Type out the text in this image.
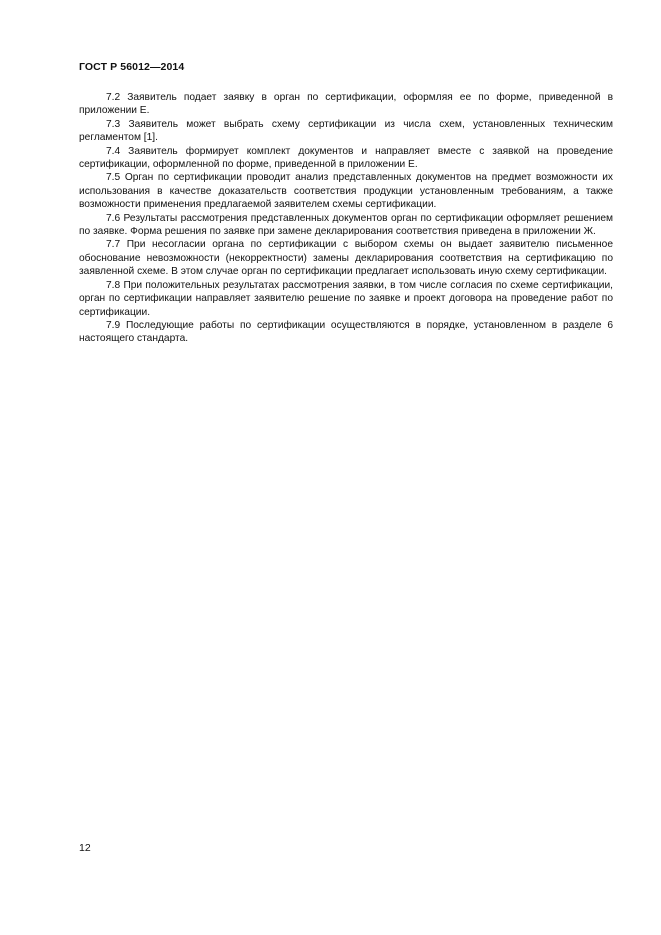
ГОСТ Р 56012—2014

7.2 Заявитель подает заявку в орган по сертификации, оформляя ее по форме, приведенной в приложении Е.

7.3 Заявитель может выбрать схему сертификации из числа схем, установленных техническим регламентом [1].

7.4 Заявитель формирует комплект документов и направляет вместе с заявкой на проведение сертификации, оформленной по форме, приведенной в приложении Е.

7.5 Орган по сертификации проводит анализ представленных документов на предмет возможности их использования в качестве доказательств соответствия продукции установленным требованиям, а также возможности применения предлагаемой заявителем схемы сертификации.

7.6 Результаты рассмотрения представленных документов орган по сертификации оформляет решением по заявке. Форма решения по заявке при замене декларирования соответствия приведена в приложении Ж.

7.7 При несогласии органа по сертификации с выбором схемы он выдает заявителю письменное обоснование невозможности (некорректности) замены декларирования соответствия на сертификацию по заявленной схеме. В этом случае орган по сертификации предлагает использовать иную схему сертификации.

7.8 При положительных результатах рассмотрения заявки, в том числе согласия по схеме сертификации, орган по сертификации направляет заявителю решение по заявке и проект договора на проведение работ по сертификации.

7.9 Последующие работы по сертификации осуществляются в порядке, установленном в разделе 6 настоящего стандарта.

12
